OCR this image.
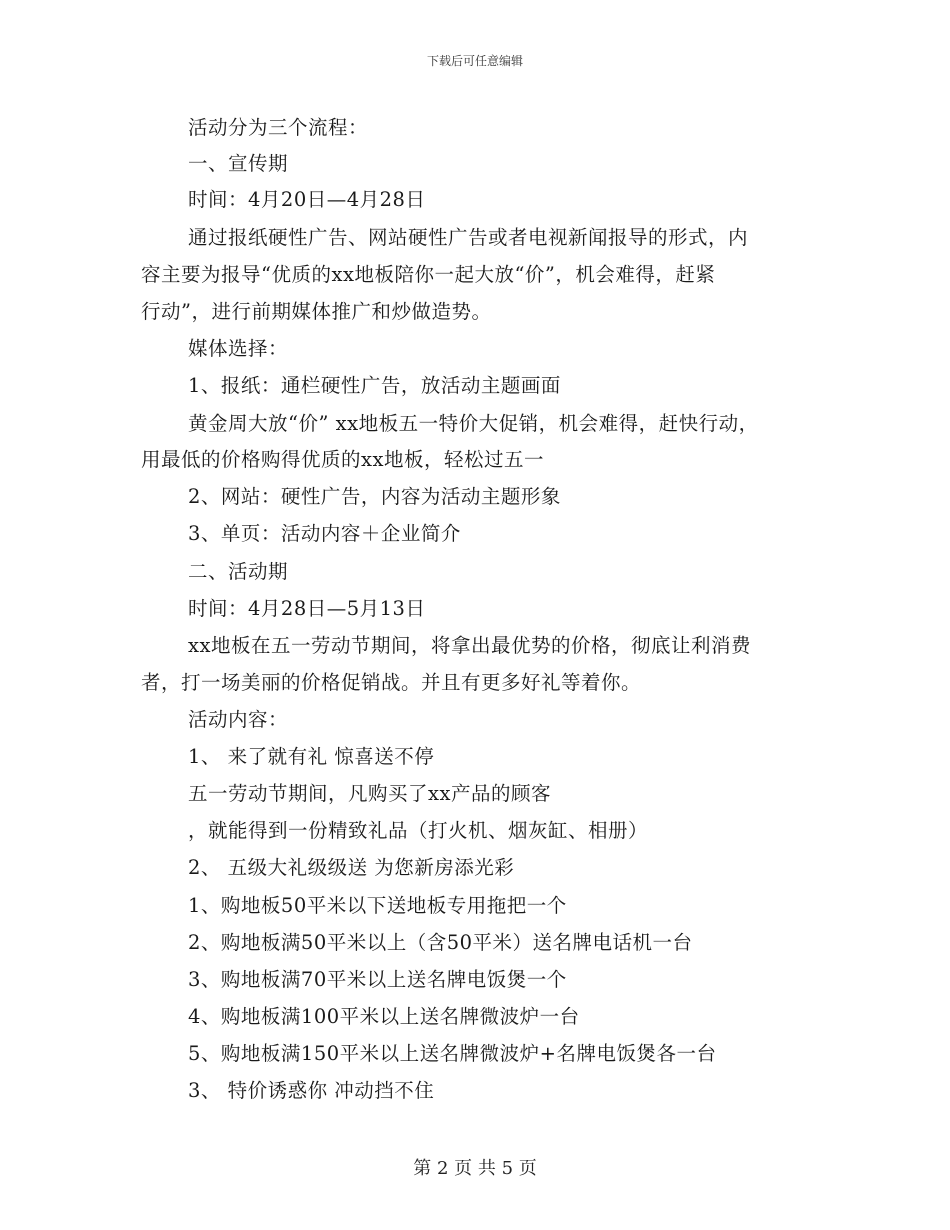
下载后可任意编辑
活动分为三个流程：
一、宣传期
时间：4月20日—4月28日
通过报纸硬性广告、网站硬性广告或者电视新闻报导的形式，内
容主要为报导“优质的xx地板陪你一起大放“价”，机会难得，赶紧
行动”，进行前期媒体推广和炒做造势。
媒体选择：
1、报纸：通栏硬性广告，放活动主题画面
黄金周大放“价” xx地板五一特价大促销，机会难得，赶快行动，
用最低的价格购得优质的xx地板，轻松过五一
2、网站：硬性广告，内容为活动主题形象
3、单页：活动内容＋企业简介
二、活动期
时间：4月28日—5月13日
xx地板在五一劳动节期间，将拿出最优势的价格，彻底让利消费
者，打一场美丽的价格促销战。并且有更多好礼等着你。
活动内容：
1、 来了就有礼 惊喜送不停
五一劳动节期间，凡购买了xx产品的顾客
，就能得到一份精致礼品（打火机、烟灰缸、相册）
2、 五级大礼级级送 为您新房添光彩
1、购地板50平米以下送地板专用拖把一个
2、购地板满50平米以上（含50平米）送名牌电话机一台
3、购地板满70平米以上送名牌电饭煲一个
4、购地板满100平米以上送名牌微波炉一台
5、购地板满150平米以上送名牌微波炉+名牌电饭煲各一台
3、 特价诱惑你 冲动挡不住
第 2 页 共 5 页
